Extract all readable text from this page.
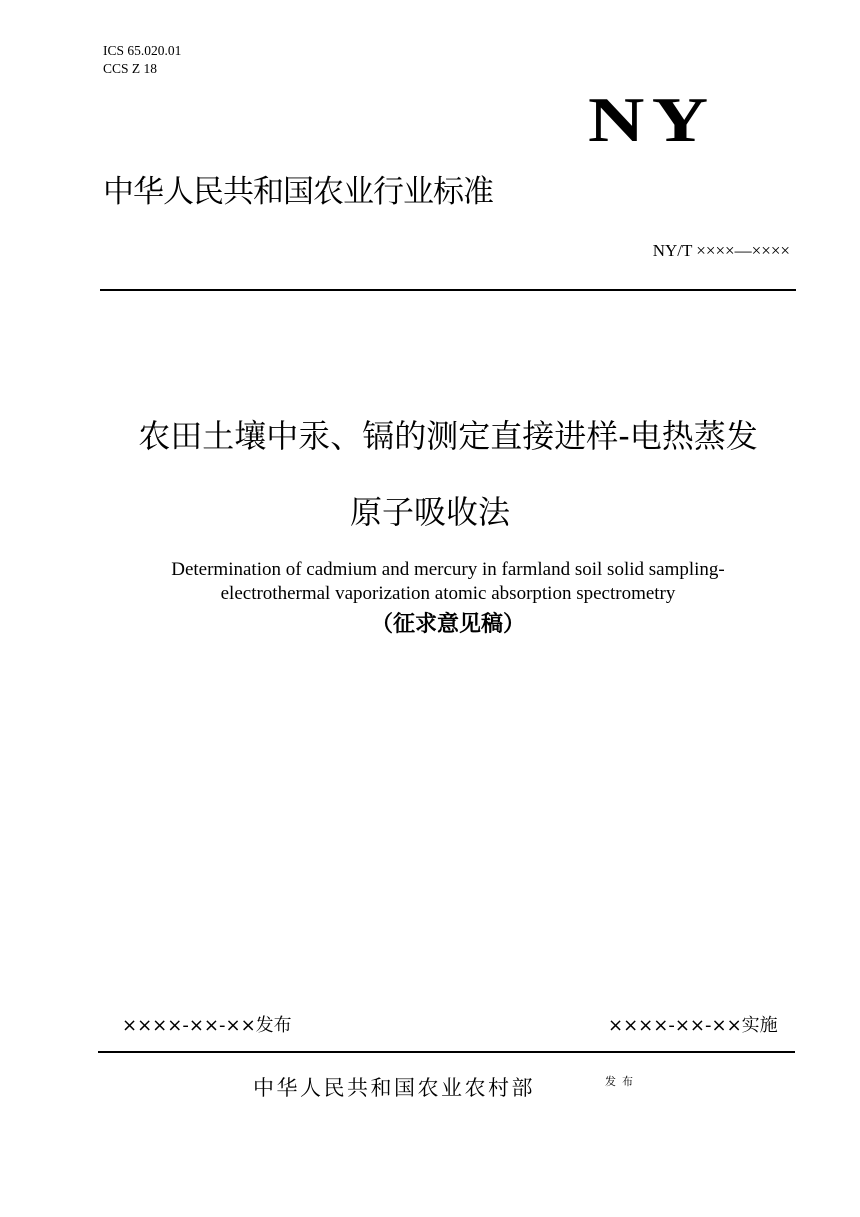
ICS 65.020.01
CCS Z 18
NY
中华人民共和国农业行业标准
NY/T ××××—××××
农田土壤中汞、镉的测定直接进样-电热蒸发
原子吸收法
Determination of cadmium and mercury in farmland soil solid sampling-
electrothermal vaporization atomic absorption spectrometry
（征求意见稿）
××××-××-××发布	××××-××-××实施
中华人民共和国农业农村部	发布
